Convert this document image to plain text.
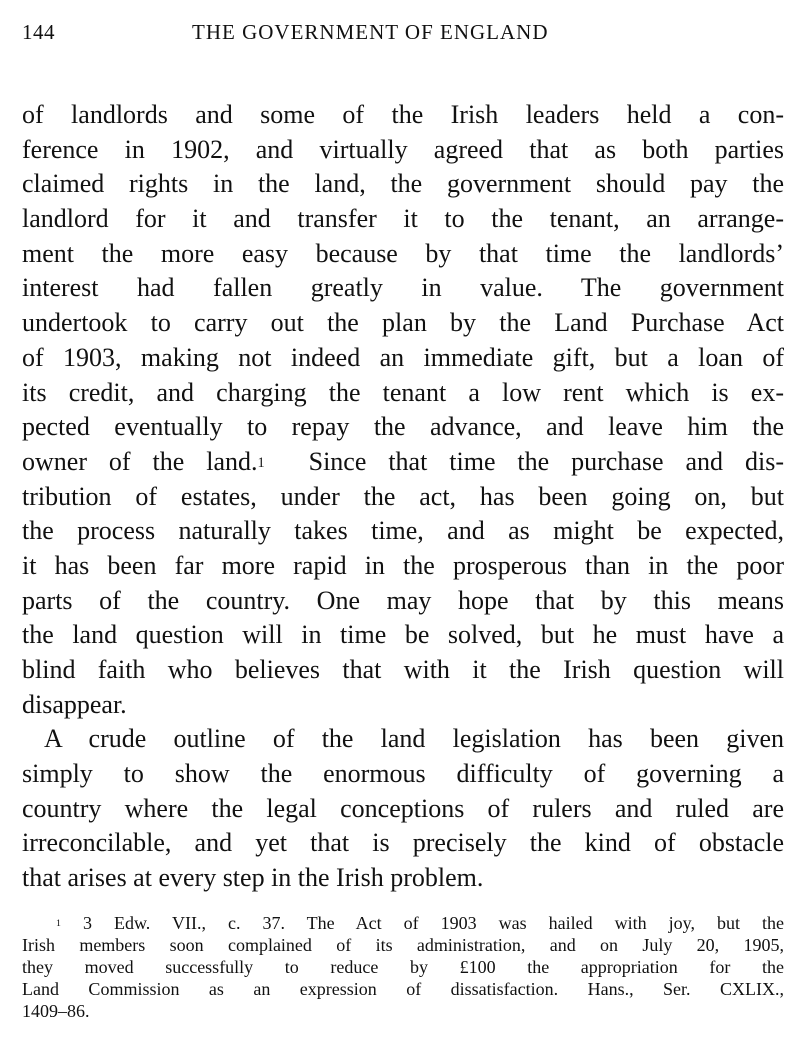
144	THE GOVERNMENT OF ENGLAND
of landlords and some of the Irish leaders held a con-
ference in 1902, and virtually agreed that as both parties
claimed rights in the land, the government should pay the
landlord for it and transfer it to the tenant, an arrange-
ment the more easy because by that time the landlords’
interest had fallen greatly in value. The government
undertook to carry out the plan by the Land Purchase Act
of 1903, making not indeed an immediate gift, but a loan of
its credit, and charging the tenant a low rent which is ex-
pected eventually to repay the advance, and leave him the
owner of the land.$^1$ Since that time the purchase and dis-
tribution of estates, under the act, has been going on, but
the process naturally takes time, and as might be expected,
it has been far more rapid in the prosperous than in the poor
parts of the country. One may hope that by this means
the land question will in time be solved, but he must have a
blind faith who believes that with it the Irish question will
disappear.
A crude outline of the land legislation has been given
simply to show the enormous difficulty of governing a
country where the legal conceptions of rulers and ruled are
irreconcilable, and yet that is precisely the kind of obstacle
that arises at every step in the Irish problem.
$^1$ 3 Edw. VII., c. 37. The Act of 1903 was hailed with joy, but the
Irish members soon complained of its administration, and on July 20, 1905,
they moved successfully to reduce by £100 the appropriation for the
Land Commission as an expression of dissatisfaction. Hans., Ser. CXLIX.,
1409–86.
